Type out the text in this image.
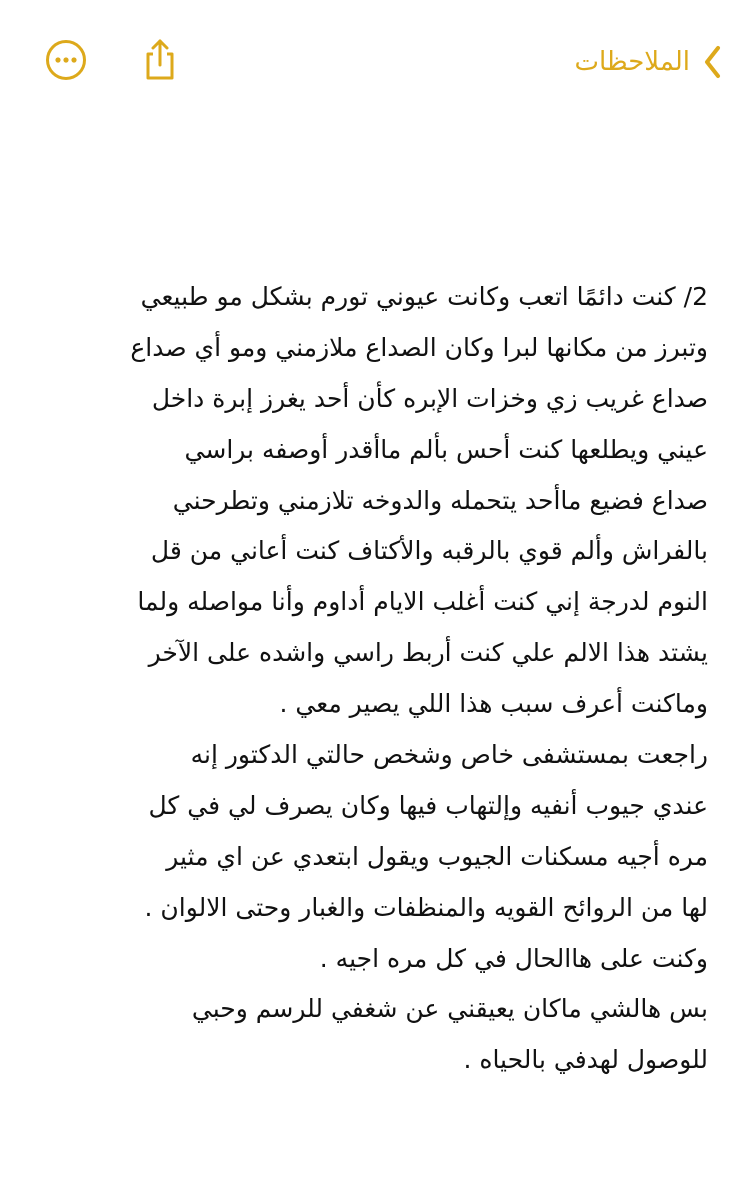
الملاحظات
2/ كنت دائمًا اتعب وكانت عيوني تورم بشكل مو طبيعي
وتبرز من مكانها لبرا وكان الصداع ملازمني ومو أي صداع
صداع غريب زي وخزات الإبره كأن أحد يغرز إبرة داخل
عيني ويطلعها كنت أحس بألم ماأقدر أوصفه براسي
صداع فضيع ماأحد يتحمله والدوخه تلازمني وتطرحني
بالفراش وألم قوي بالرقبه والأكتاف كنت أعاني من قل
النوم لدرجة إني كنت أغلب الايام أداوم وأنا مواصله ولما
يشتد هذا الالم علي كنت أربط راسي واشده على الآخر
وماكنت أعرف سبب هذا اللي يصير معي .
راجعت بمستشفى خاص وشخص حالتي الدكتور إنه
عندي جيوب أنفيه وإلتهاب فيها وكان يصرف لي في كل
مره أجيه مسكنات الجيوب ويقول ابتعدي عن اي مثير
لها من الروائح القويه والمنظفات والغبار وحتى الالوان .
وكنت على هاالحال في كل مره اجيه .
بس هالشي ماكان يعيقني عن شغفي للرسم وحبي
للوصول لهدفي بالحياه .
